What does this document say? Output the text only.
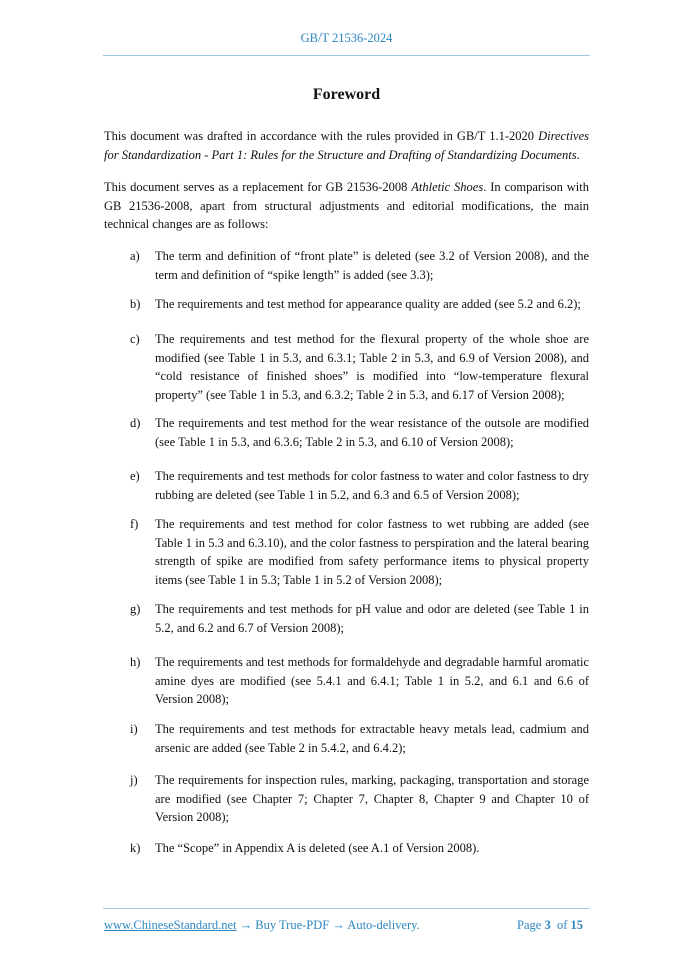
GB/T 21536-2024
Foreword
This document was drafted in accordance with the rules provided in GB/T 1.1-2020 Directives for Standardization - Part 1: Rules for the Structure and Drafting of Standardizing Documents.
This document serves as a replacement for GB 21536-2008 Athletic Shoes. In comparison with GB 21536-2008, apart from structural adjustments and editorial modifications, the main technical changes are as follows:
a) The term and definition of “front plate” is deleted (see 3.2 of Version 2008), and the term and definition of “spike length” is added (see 3.3);
b) The requirements and test method for appearance quality are added (see 5.2 and 6.2);
c) The requirements and test method for the flexural property of the whole shoe are modified (see Table 1 in 5.3, and 6.3.1; Table 2 in 5.3, and 6.9 of Version 2008), and “cold resistance of finished shoes” is modified into “low-temperature flexural property” (see Table 1 in 5.3, and 6.3.2; Table 2 in 5.3, and 6.17 of Version 2008);
d) The requirements and test method for the wear resistance of the outsole are modified (see Table 1 in 5.3, and 6.3.6; Table 2 in 5.3, and 6.10 of Version 2008);
e) The requirements and test methods for color fastness to water and color fastness to dry rubbing are deleted (see Table 1 in 5.2, and 6.3 and 6.5 of Version 2008);
f) The requirements and test method for color fastness to wet rubbing are added (see Table 1 in 5.3 and 6.3.10), and the color fastness to perspiration and the lateral bearing strength of spike are modified from safety performance items to physical property items (see Table 1 in 5.3; Table 1 in 5.2 of Version 2008);
g) The requirements and test methods for pH value and odor are deleted (see Table 1 in 5.2, and 6.2 and 6.7 of Version 2008);
h) The requirements and test methods for formaldehyde and degradable harmful aromatic amine dyes are modified (see 5.4.1 and 6.4.1; Table 1 in 5.2, and 6.1 and 6.6 of Version 2008);
i) The requirements and test methods for extractable heavy metals lead, cadmium and arsenic are added (see Table 2 in 5.4.2, and 6.4.2);
j) The requirements for inspection rules, marking, packaging, transportation and storage are modified (see Chapter 7; Chapter 7, Chapter 8, Chapter 9 and Chapter 10 of Version 2008);
k) The “Scope” in Appendix A is deleted (see A.1 of Version 2008).
www.ChineseStandard.net → Buy True-PDF → Auto-delivery.	Page 3 of 15
